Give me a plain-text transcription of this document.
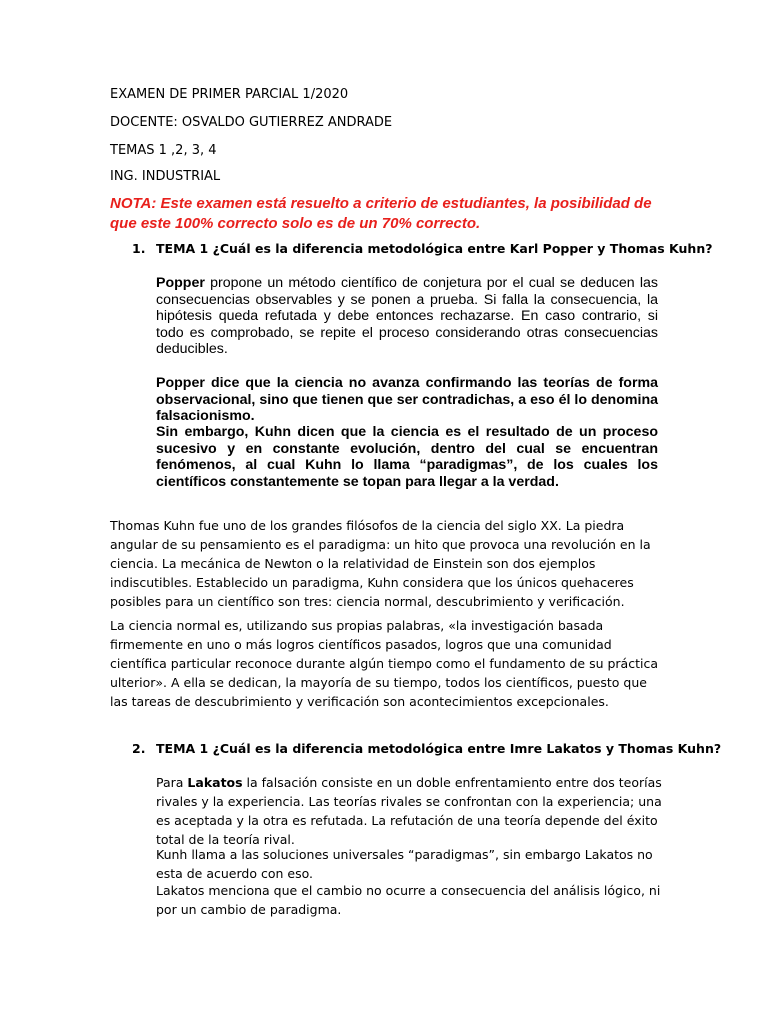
EXAMEN DE PRIMER PARCIAL 1/2020

DOCENTE: OSVALDO GUTIERREZ ANDRADE

TEMAS 1 ,2, 3, 4

ING. INDUSTRIAL

NOTA: Este examen está resuelto a criterio de estudiantes, la posibilidad de que este 100% correcto solo es de un 70% correcto.

1. TEMA 1 ¿Cuál es la diferencia metodológica entre Karl Popper y Thomas Kuhn?

Popper propone un método científico de conjetura por el cual se deducen las consecuencias observables y se ponen a prueba. Si falla la consecuencia, la hipótesis queda refutada y debe entonces rechazarse. En caso contrario, si todo es comprobado, se repite el proceso considerando otras consecuencias deducibles.

Popper dice que la ciencia no avanza confirmando las teorías de forma observacional, sino que tienen que ser contradichas, a eso él lo denomina falsacionismo.

Sin embargo, Kuhn dicen que la ciencia es el resultado de un proceso sucesivo y en constante evolución, dentro del cual se encuentran fenómenos, al cual Kuhn lo llama “paradigmas”, de los cuales los científicos constantemente se topan para llegar a la verdad.

Thomas Kuhn fue uno de los grandes filósofos de la ciencia del siglo XX. La piedra angular de su pensamiento es el paradigma: un hito que provoca una revolución en la ciencia. La mecánica de Newton o la relatividad de Einstein son dos ejemplos indiscutibles. Establecido un paradigma, Kuhn considera que los únicos quehaceres posibles para un científico son tres: ciencia normal, descubrimiento y verificación.

La ciencia normal es, utilizando sus propias palabras, «la investigación basada firmemente en uno o más logros científicos pasados, logros que una comunidad científica particular reconoce durante algún tiempo como el fundamento de su práctica ulterior». A ella se dedican, la mayoría de su tiempo, todos los científicos, puesto que las tareas de descubrimiento y verificación son acontecimientos excepcionales.

2. TEMA 1 ¿Cuál es la diferencia metodológica entre Imre Lakatos y Thomas Kuhn?

Para Lakatos la falsación consiste en un doble enfrentamiento entre dos teorías rivales y la experiencia. Las teorías rivales se confrontan con la experiencia; una es aceptada y la otra es refutada. La refutación de una teoría depende del éxito total de la teoría rival.

Kunh llama a las soluciones universales “paradigmas”, sin embargo Lakatos no esta de acuerdo con eso.

Lakatos menciona que el cambio no ocurre a consecuencia del análisis lógico, ni por un cambio de paradigma.
